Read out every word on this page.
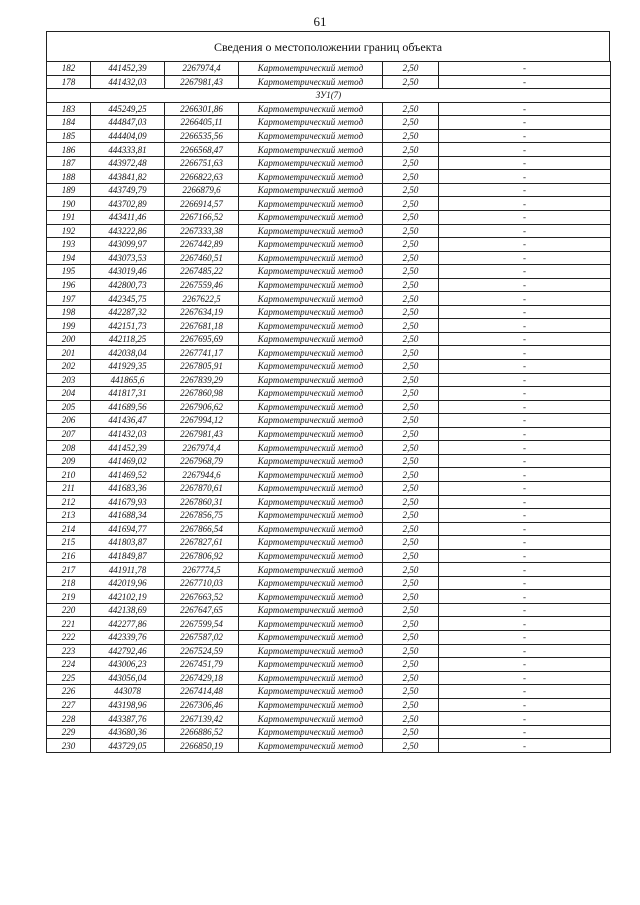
61
Сведения о местоположении границ объекта
182	441452,39	2267974,4	Картометрический метод	2,50	-
178	441432,03	2267981,43	Картометрический метод	2,50	-
ЗУ1(7)					
183	445249,25	2266301,86	Картометрический метод	2,50	-
184	444847,03	2266405,11	Картометрический метод	2,50	-
185	444404,09	2266535,56	Картометрический метод	2,50	-
186	444333,81	2266568,47	Картометрический метод	2,50	-
187	443972,48	2266751,63	Картометрический метод	2,50	-
188	443841,82	2266822,63	Картометрический метод	2,50	-
189	443749,79	2266879,6	Картометрический метод	2,50	-
190	443702,89	2266914,57	Картометрический метод	2,50	-
191	443411,46	2267166,52	Картометрический метод	2,50	-
192	443222,86	2267333,38	Картометрический метод	2,50	-
193	443099,97	2267442,89	Картометрический метод	2,50	-
194	443073,53	2267460,51	Картометрический метод	2,50	-
195	443019,46	2267485,22	Картометрический метод	2,50	-
196	442800,73	2267559,46	Картометрический метод	2,50	-
197	442345,75	2267622,5	Картометрический метод	2,50	-
198	442287,32	2267634,19	Картометрический метод	2,50	-
199	442151,73	2267681,18	Картометрический метод	2,50	-
200	442118,25	2267695,69	Картометрический метод	2,50	-
201	442038,04	2267741,17	Картометрический метод	2,50	-
202	441929,35	2267805,91	Картометрический метод	2,50	-
203	441865,6	2267839,29	Картометрический метод	2,50	-
204	441817,31	2267860,98	Картометрический метод	2,50	-
205	441689,56	2267906,62	Картометрический метод	2,50	-
206	441436,47	2267994,12	Картометрический метод	2,50	-
207	441432,03	2267981,43	Картометрический метод	2,50	-
208	441452,39	2267974,4	Картометрический метод	2,50	-
209	441469,02	2267968,79	Картометрический метод	2,50	-
210	441469,52	2267944,6	Картометрический метод	2,50	-
211	441683,36	2267870,61	Картометрический метод	2,50	-
212	441679,93	2267860,31	Картометрический метод	2,50	-
213	441688,34	2267856,75	Картометрический метод	2,50	-
214	441694,77	2267866,54	Картометрический метод	2,50	-
215	441803,87	2267827,61	Картометрический метод	2,50	-
216	441849,87	2267806,92	Картометрический метод	2,50	-
217	441911,78	2267774,5	Картометрический метод	2,50	-
218	442019,96	2267710,03	Картометрический метод	2,50	-
219	442102,19	2267663,52	Картометрический метод	2,50	-
220	442138,69	2267647,65	Картометрический метод	2,50	-
221	442277,86	2267599,54	Картометрический метод	2,50	-
222	442339,76	2267587,02	Картометрический метод	2,50	-
223	442792,46	2267524,59	Картометрический метод	2,50	-
224	443006,23	2267451,79	Картометрический метод	2,50	-
225	443056,04	2267429,18	Картометрический метод	2,50	-
226	443078	2267414,48	Картометрический метод	2,50	-
227	443198,96	2267306,46	Картометрический метод	2,50	-
228	443387,76	2267139,42	Картометрический метод	2,50	-
229	443680,36	2266886,52	Картометрический метод	2,50	-
230	443729,05	2266850,19	Картометрический метод	2,50	-
